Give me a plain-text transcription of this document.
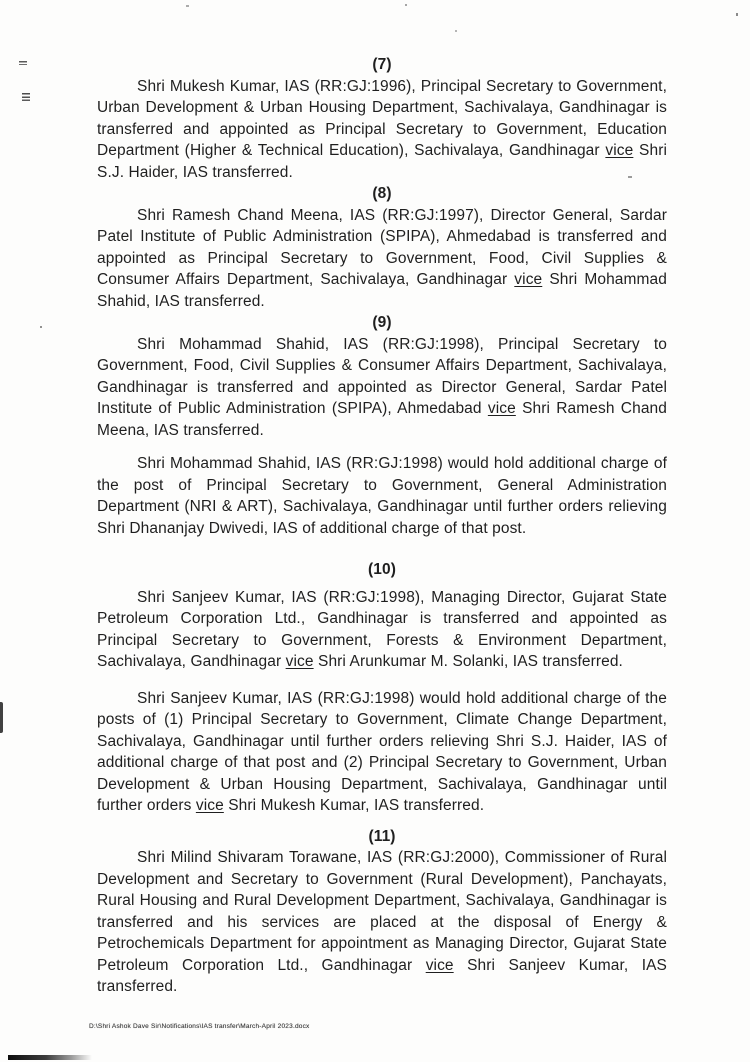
(7)
Shri Mukesh Kumar, IAS (RR:GJ:1996), Principal Secretary to Government, Urban Development & Urban Housing Department, Sachivalaya, Gandhinagar is transferred and appointed as Principal Secretary to Government, Education Department (Higher & Technical Education), Sachivalaya, Gandhinagar vice Shri S.J. Haider, IAS transferred.
(8)
Shri Ramesh Chand Meena, IAS (RR:GJ:1997), Director General, Sardar Patel Institute of Public Administration (SPIPA), Ahmedabad is transferred and appointed as Principal Secretary to Government, Food, Civil Supplies & Consumer Affairs Department, Sachivalaya, Gandhinagar vice Shri Mohammad Shahid, IAS transferred.
(9)
Shri Mohammad Shahid, IAS (RR:GJ:1998), Principal Secretary to Government, Food, Civil Supplies & Consumer Affairs Department, Sachivalaya, Gandhinagar is transferred and appointed as Director General, Sardar Patel Institute of Public Administration (SPIPA), Ahmedabad vice Shri Ramesh Chand Meena, IAS transferred.
Shri Mohammad Shahid, IAS (RR:GJ:1998) would hold additional charge of the post of Principal Secretary to Government, General Administration Department (NRI & ART), Sachivalaya, Gandhinagar until further orders relieving Shri Dhananjay Dwivedi, IAS of additional charge of that post.
(10)
Shri Sanjeev Kumar, IAS (RR:GJ:1998), Managing Director, Gujarat State Petroleum Corporation Ltd., Gandhinagar is transferred and appointed as Principal Secretary to Government, Forests & Environment Department, Sachivalaya, Gandhinagar vice Shri Arunkumar M. Solanki, IAS transferred.
Shri Sanjeev Kumar, IAS (RR:GJ:1998) would hold additional charge of the posts of (1) Principal Secretary to Government, Climate Change Department, Sachivalaya, Gandhinagar until further orders relieving Shri S.J. Haider, IAS of additional charge of that post and (2) Principal Secretary to Government, Urban Development & Urban Housing Department, Sachivalaya, Gandhinagar until further orders vice Shri Mukesh Kumar, IAS transferred.
(11)
Shri Milind Shivaram Torawane, IAS (RR:GJ:2000), Commissioner of Rural Development and Secretary to Government (Rural Development), Panchayats, Rural Housing and Rural Development Department, Sachivalaya, Gandhinagar is transferred and his services are placed at the disposal of Energy & Petrochemicals Department for appointment as Managing Director, Gujarat State Petroleum Corporation Ltd., Gandhinagar vice Shri Sanjeev Kumar, IAS transferred.
D:\Shri Ashok Dave Sir\Notifications\IAS transfer\March-April 2023.docx
